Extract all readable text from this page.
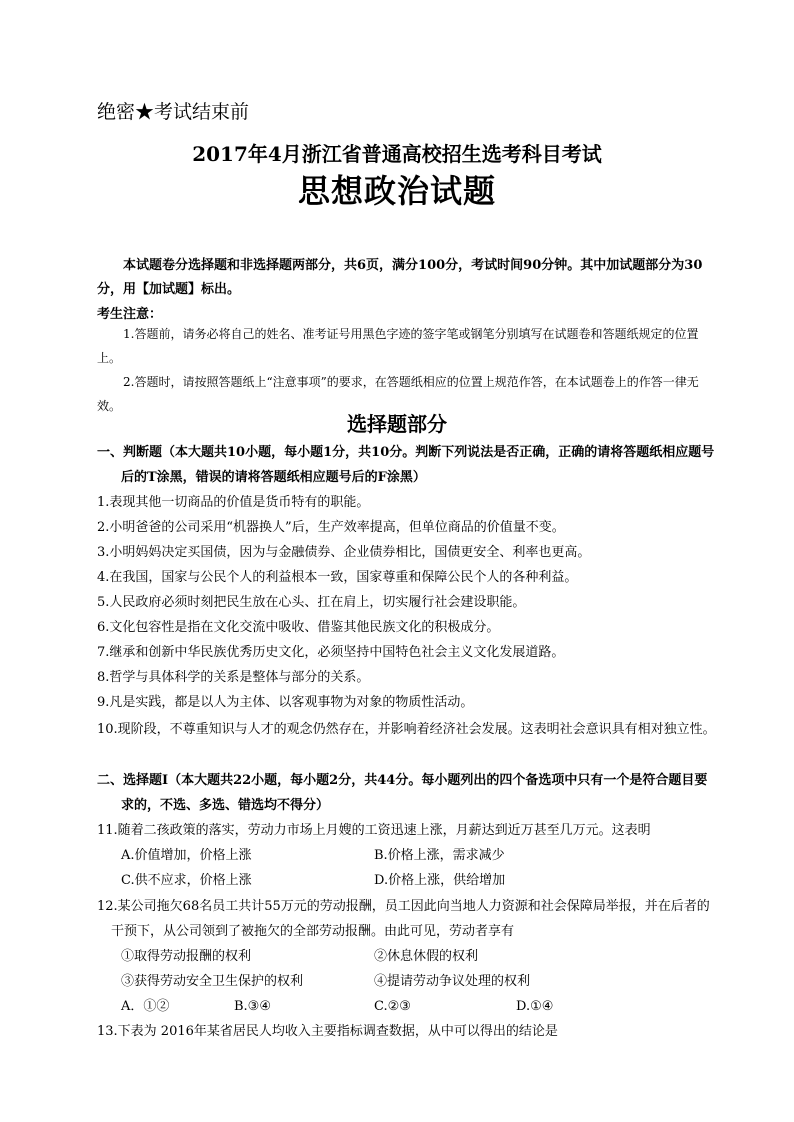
绝密★考试结束前
2017年4月浙江省普通高校招生选考科目考试
思想政治试题
本试题卷分选择题和非选择题两部分，共6页，满分100分，考试时间90分钟。其中加试题部分为30分，用【加试题】标出。
考生注意：
1.答题前，请务必将自己的姓名、准考证号用黑色字迹的签字笔或钢笔分别填写在试题卷和答题纸规定的位置上。
2.答题时，请按照答题纸上“注意事项”的要求，在答题纸相应的位置上规范作答，在本试题卷上的作答一律无效。
选择题部分
一、判断题（本大题共10小题，每小题1分，共10分。判断下列说法是否正确，正确的请将答题纸相应题号后的T涂黑，错误的请将答题纸相应题号后的F涂黑）
1.表现其他一切商品的价值是货币特有的职能。
2.小明爸爸的公司采用“机器换人”后，生产效率提高，但单位商品的价值量不变。
3.小明妈妈决定买国债，因为与金融债券、企业债券相比，国债更安全、利率也更高。
4.在我国，国家与公民个人的利益根本一致，国家尊重和保障公民个人的各种利益。
5.人民政府必须时刻把民生放在心头、扛在肩上，切实履行社会建设职能。
6.文化包容性是指在文化交流中吸收、借鉴其他民族文化的积极成分。
7.继承和创新中华民族优秀历史文化，必须坚持中国特色社会主义文化发展道路。
8.哲学与具体科学的关系是整体与部分的关系。
9.凡是实践，都是以人为主体、以客观事物为对象的物质性活动。
10.现阶段，不尊重知识与人才的观念仍然存在，并影响着经济社会发展。这表明社会意识具有相对独立性。
二、选择题Ⅰ（本大题共22小题，每小题2分，共44分。每小题列出的四个备选项中只有一个是符合题目要求的，不选、多选、错选均不得分）
11.随着二孩政策的落实，劳动力市场上月嫂的工资迅速上涨，月薪达到近万甚至几万元。这表明
A.价值增加，价格上涨	B.价格上涨，需求减少
C.供不应求，价格上涨	D.价格上涨，供给增加
12.某公司拖欠68名员工共计55万元的劳动报酬，员工因此向当地人力资源和社会保障局举报，并在后者的干预下，从公司领到了被拖欠的全部劳动报酬。由此可见，劳动者享有
①取得劳动报酬的权利	②休息休假的权利
③获得劳动安全卫生保护的权利	④提请劳动争议处理的权利
A．①②	B.③④	C.②③	D.①④
13.下表为 2016年某省居民人均收入主要指标调查数据，从中可以得出的结论是
